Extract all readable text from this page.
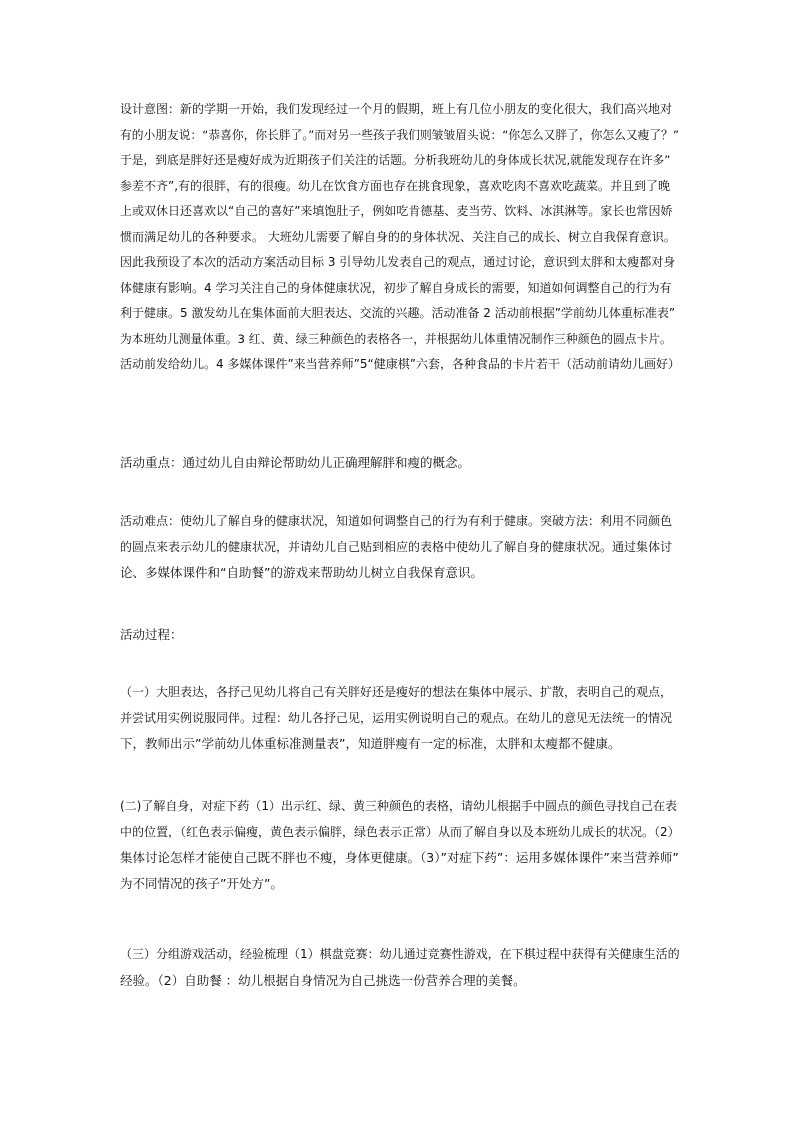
设计意图：新的学期一开始，我们发现经过一个月的假期，班上有几位小朋友的变化很大，我们高兴地对
有的小朋友说：“恭喜你，你长胖了。”而对另一些孩子我们则皱皱眉头说：“你怎么又胖了，你怎么又瘦了？”
于是，到底是胖好还是瘦好成为近期孩子们关注的话题。分析我班幼儿的身体成长状况,就能发现存在许多”
参差不齐”,有的很胖，有的很瘦。幼儿在饮食方面也存在挑食现象，喜欢吃肉不喜欢吃蔬菜。并且到了晚
上或双休日还喜欢以“自己的喜好”来填饱肚子，例如吃肯德基、麦当劳、饮料、冰淇淋等。家长也常因娇
惯而满足幼儿的各种要求。 大班幼儿需要了解自身的的身体状况、关注自己的成长、树立自我保育意识。
因此我预设了本次的活动方案活动目标 3 引导幼儿发表自己的观点，通过讨论，意识到太胖和太瘦都对身
体健康有影响。4 学习关注自己的身体健康状况，初步了解自身成长的需要，知道如何调整自己的行为有
利于健康。5 激发幼儿在集体面前大胆表达、交流的兴趣。活动准备 2 活动前根据”学前幼儿体重标准表”
为本班幼儿测量体重。3 红、黄、绿三种颜色的表格各一，并根据幼儿体重情况制作三种颜色的圆点卡片。
活动前发给幼儿。4 多媒体课件”来当营养师”5“健康棋”六套，各种食品的卡片若干（活动前请幼儿画好）
活动重点：通过幼儿自由辩论帮助幼儿正确理解胖和瘦的概念。
活动难点：使幼儿了解自身的健康状况，知道如何调整自己的行为有利于健康。突破方法：利用不同颜色
的圆点来表示幼儿的健康状况，并请幼儿自己贴到相应的表格中使幼儿了解自身的健康状况。通过集体讨
论、多媒体课件和“自助餐”的游戏来帮助幼儿树立自我保育意识。
活动过程：
（一）大胆表达，各抒己见幼儿将自己有关胖好还是瘦好的想法在集体中展示、扩散，表明自己的观点，
并尝试用实例说服同伴。过程：幼儿各抒己见，运用实例说明自己的观点。在幼儿的意见无法统一的情况
下，教师出示”学前幼儿体重标准测量表”，知道胖瘦有一定的标准，太胖和太瘦都不健康。
(二)了解自身，对症下药（1）出示红、绿、黄三种颜色的表格，请幼儿根据手中圆点的颜色寻找自己在表
中的位置，（红色表示偏瘦，黄色表示偏胖，绿色表示正常）从而了解自身以及本班幼儿成长的状况。（2）
集体讨论怎样才能使自己既不胖也不瘦，身体更健康。（3）”对症下药”：运用多媒体课件”来当营养师”
为不同情况的孩子”开处方”。
（三）分组游戏活动，经验梳理（1）棋盘竞赛：幼儿通过竞赛性游戏，在下棋过程中获得有关健康生活的
经验。（2）自助餐 ：幼儿根据自身情况为自己挑选一份营养合理的美餐。
